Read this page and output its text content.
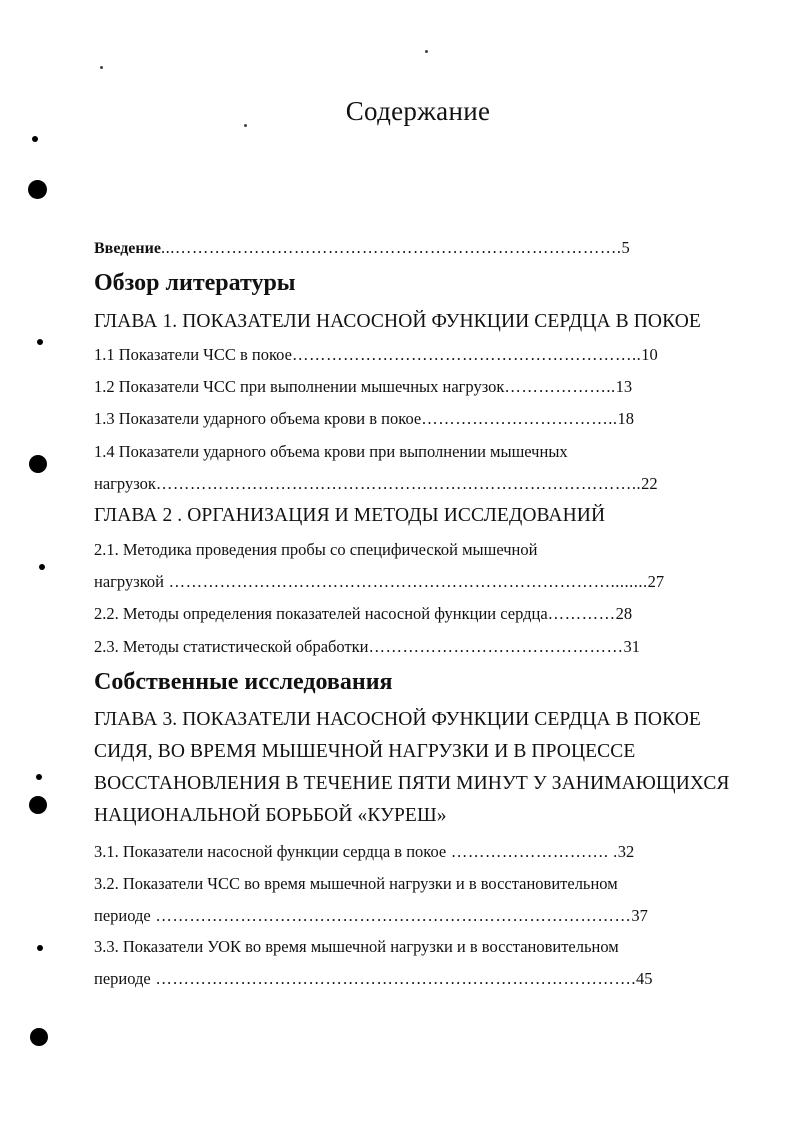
Содержание
Введение...…………………………………………………………………….5
Обзор литературы
ГЛАВА 1. ПОКАЗАТЕЛИ НАСОСНОЙ ФУНКЦИИ СЕРДЦА В ПОКОЕ
1.1 Показатели ЧСС в покое……………………………………………………..10
1.2 Показатели ЧСС при выполнении мышечных нагрузок………………..13
1.3 Показатели ударного объема крови в покое……………………………..18
1.4 Показатели ударного объема крови при выполнении мышечных
нагрузок…………………………………………………………………………..22
ГЛАВА 2 . ОРГАНИЗАЦИЯ И МЕТОДЫ ИССЛЕДОВАНИЙ
2.1. Методика проведения пробы со специфической мышечной
нагрузкой ……………………………………………………………………........27
2.2. Методы определения показателей насосной функции сердца…………28
2.3. Методы статистической обработки………………………………………31
Собственные исследования
ГЛАВА 3. ПОКАЗАТЕЛИ НАСОСНОЙ ФУНКЦИИ СЕРДЦА В ПОКОЕ
СИДЯ, ВО ВРЕМЯ МЫШЕЧНОЙ НАГРУЗКИ И В ПРОЦЕССЕ
ВОССТАНОВЛЕНИЯ В ТЕЧЕНИЕ ПЯТИ МИНУТ У ЗАНИМАЮЩИХСЯ
НАЦИОНАЛЬНОЙ БОРЬБОЙ «КУРЕШ»
3.1. Показатели насосной функции сердца в покое ………………………. .32
3.2. Показатели ЧСС во время мышечной нагрузки и в восстановительном
периоде …………………………………………………………………………37
3.3. Показатели УОК во время мышечной нагрузки и в восстановительном
периоде ………………………………………………………………………….45
